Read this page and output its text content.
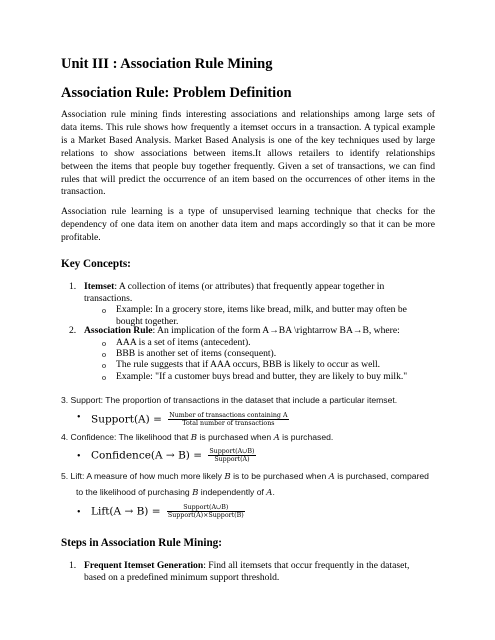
Unit III : Association Rule Mining
Association Rule: Problem Definition
Association rule mining finds interesting associations and relationships among large sets of
data items. This rule shows how frequently a itemset occurs in a transaction. A typical example
is a Market Based Analysis. Market Based Analysis is one of the key techniques used by large
relations to show associations between items.It allows retailers to identify relationships
between the items that people buy together frequently. Given a set of transactions, we can find
rules that will predict the occurrence of an item based on the occurrences of other items in the
transaction.
Association rule learning is a type of unsupervised learning technique that checks for the
dependency of one data item on another data item and maps accordingly so that it can be more
profitable.
Key Concepts:
1. Itemset: A collection of items (or attributes) that frequently appear together in
transactions.
o Example: In a grocery store, items like bread, milk, and butter may often be
bought together.
2. Association Rule: An implication of the form A→BA \rightarrow BA→B, where:
o AAA is a set of items (antecedent).
o BBB is another set of items (consequent).
o The rule suggests that if AAA occurs, BBB is likely to occur as well.
o Example: "If a customer buys bread and butter, they are likely to buy milk."
3. Support: The proportion of transactions in the dataset that include a particular itemset.
• Support(A) = $\frac{\text{Number of transactions containing A}}{\text{Total number of transactions}}$
4. Confidence: The likelihood that B is purchased when A is purchased.
• Confidence(A → $B) = \frac{\text{Support(A∪B)}}{\text{Support(A)}}$
5. Lift: A measure of how much more likely B is to be purchased when A is purchased, compared
to the likelihood of purchasing B independently of A.
• Lift(A → $B) = \frac{\text{Support(A∪B)}}{\text{Support(A)×Support(B)}}$
Steps in Association Rule Mining:
1. Frequent Itemset Generation: Find all itemsets that occur frequently in the dataset,
based on a predefined minimum support threshold.
